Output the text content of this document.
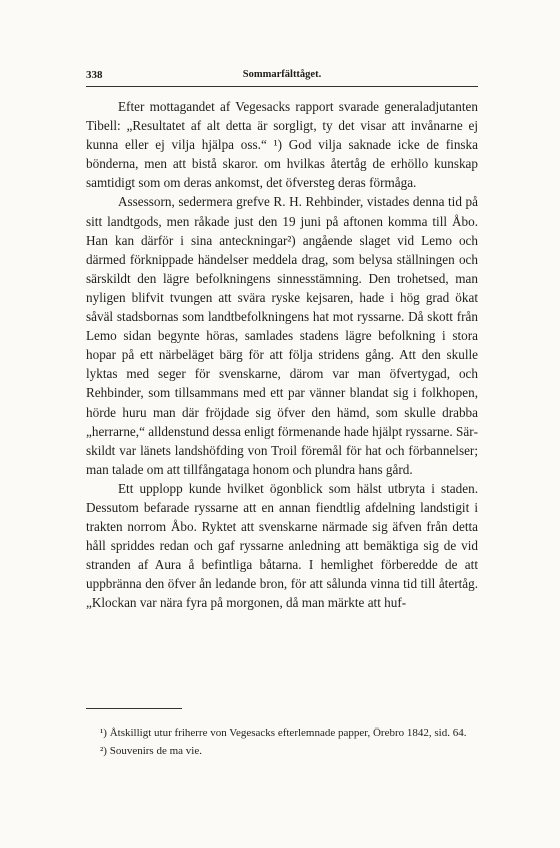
338	Sommarfälttåget.

Efter mottagandet af Vegesacks rapport svarade generaladjutanten Tibell: „Resultatet af alt detta är sorgligt, ty det visar att invånarne ej kunna eller ej vilja hjälpa oss.“ ¹) God vilja saknade icke de finska bönderna, men att bistå skaror. om hvilkas återtåg de erhöllo kunskap samtidigt som om deras ankomst, det öfversteg deras förmåga.

Assessorn, sedermera grefve R. H. Rehbinder, vistades denna tid på sitt landtgods, men råkade just den 19 juni på aftonen komma till Åbo. Han kan därför i sina anteckningar²) angående slaget vid Lemo och därmed förknippade händelser meddela drag, som belysa ställningen och särskildt den lägre befolkningens sinnesstämning. Den trohetsed, man nyligen blifvit tvungen att svära ryske kejsaren, hade i hög grad ökat såväl stadsbornas som landtbefolkningens hat mot ryssarne. Då skott från Lemo sidan begynte höras, samlades stadens lägre befolkning i stora hopar på ett närbeläget bärg för att följa stridens gång. Att den skulle lyktas med seger för svenskarne, därom var man öfvertygad, och Rehbinder, som tillsammans med ett par vänner blandat sig i folkhopen, hörde huru man där fröjdade sig öfver den hämd, som skulle drabba „herrarne,“ alldenstund dessa enligt förmenande hade hjälpt ryssarne. Särskildt var länets landshöfding von Troil föremål för hat och förbannelser; man talade om att tillfångataga honom och plundra hans gård.

Ett upplopp kunde hvilket ögonblick som hälst utbryta i staden. Dessutom befarade ryssarne att en annan fiendtlig afdelning landstigit i trakten norrom Åbo. Ryktet att svenskarne närmade sig äfven från detta håll spriddes redan och gaf ryssarne anledning att bemäktiga sig de vid stranden af Aura å befintliga båtarna. I hemlighet förberedde de att uppbränna den öfver ån ledande bron, för att sålunda vinna tid till återtåg. „Klockan var nära fyra på morgonen, då man märkte att huf-

¹) Åtskilligt utur friherre von Vegesacks efterlemnade papper, Örebro 1842, sid. 64.

²) Souvenirs de ma vie.
